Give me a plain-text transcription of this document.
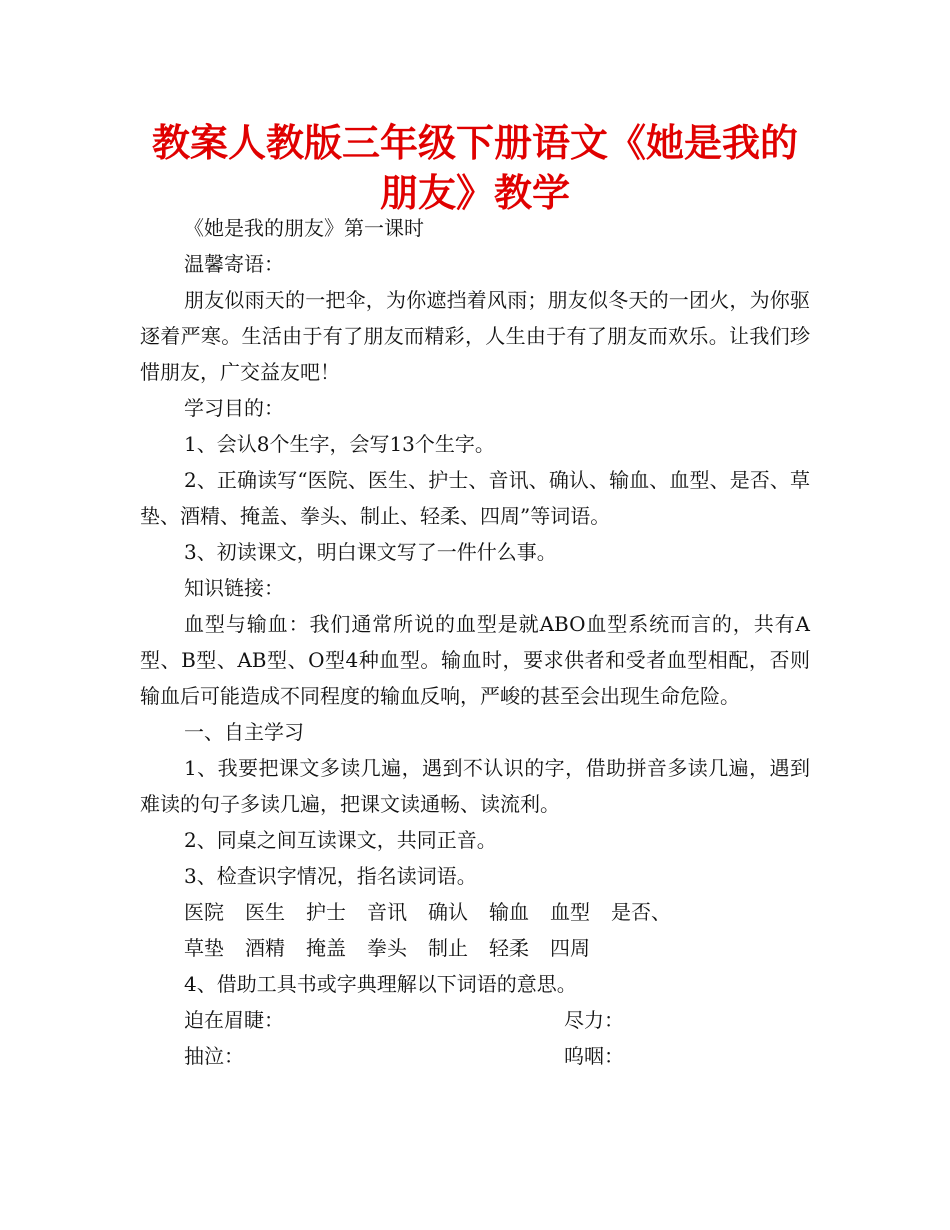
教案人教版三年级下册语文《她是我的朋友》教学

《她是我的朋友》第一课时

温馨寄语：

朋友似雨天的一把伞，为你遮挡着风雨；朋友似冬天的一团火，为你驱逐着严寒。生活由于有了朋友而精彩，人生由于有了朋友而欢乐。让我们珍惜朋友，广交益友吧！

学习目的：

1、会认8个生字，会写13个生字。

2、正确读写“医院、医生、护士、音讯、确认、输血、血型、是否、草垫、酒精、掩盖、拳头、制止、轻柔、四周”等词语。

3、初读课文，明白课文写了一件什么事。

知识链接：

血型与输血：我们通常所说的血型是就ABO血型系统而言的，共有A型、B型、AB型、O型4种血型。输血时，要求供者和受者血型相配，否则输血后可能造成不同程度的输血反响，严峻的甚至会出现生命危险。

一、自主学习

1、我要把课文多读几遍，遇到不认识的字，借助拼音多读几遍，遇到难读的句子多读几遍，把课文读通畅、读流利。

2、同桌之间互读课文，共同正音。

3、检查识字情况，指名读词语。

医院 医生 护士 音讯 确认 输血 血型 是否、
草垫 酒精 掩盖 拳头 制止 轻柔 四周

4、借助工具书或字典理解以下词语的意思。

迫在眉睫：	尽力：
抽泣：	呜咽：
